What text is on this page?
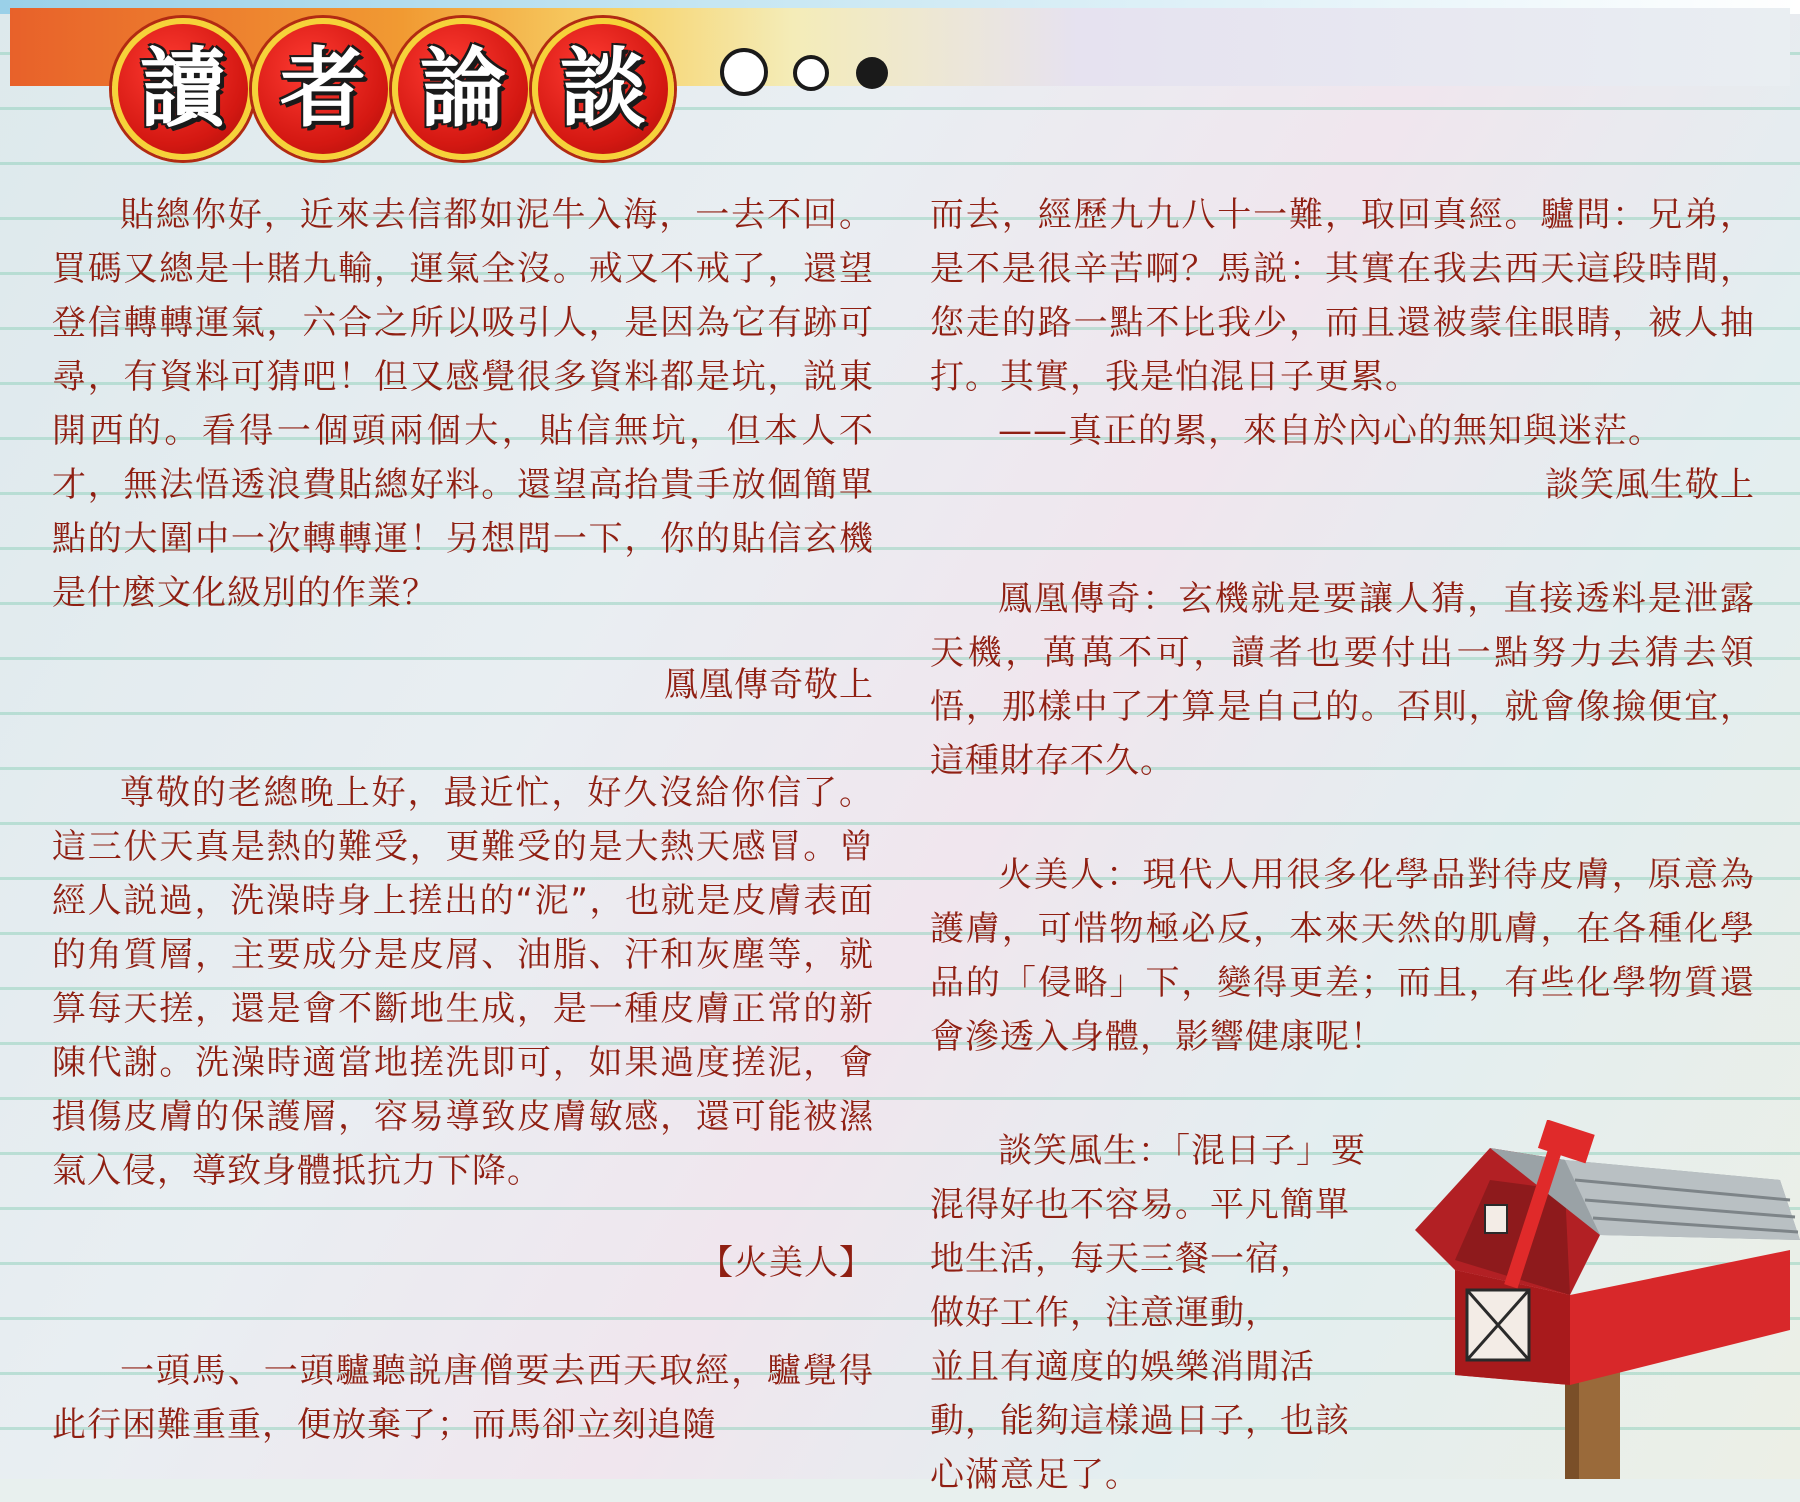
讀 者 論 談

貼總你好，近來去信都如泥牛入海，一去不回。買碼又總是十賭九輸，運氣全沒。戒又不戒了，還望登信轉轉運氣，六合之所以吸引人，是因為它有跡可尋，有資料可猜吧！但又感覺很多資料都是坑，説東開西的。看得一個頭兩個大，貼信無坑，但本人不才，無法悟透浪費貼總好料。還望高抬貴手放個簡單點的大圍中一次轉轉運！另想問一下，你的貼信玄機是什麼文化級別的作業？

鳳凰傳奇敬上

尊敬的老總晚上好，最近忙，好久沒給你信了。這三伏天真是熱的難受，更難受的是大熱天感冒。曾經人説過，洗澡時身上搓出的“泥”，也就是皮膚表面的角質層，主要成分是皮屑、油脂、汗和灰塵等，就算每天搓，還是會不斷地生成，是一種皮膚正常的新陳代謝。洗澡時適當地搓洗即可，如果過度搓泥，會損傷皮膚的保護層，容易導致皮膚敏感，還可能被濕氣入侵，導致身體抵抗力下降。

【火美人】

一頭馬、一頭驢聽説唐僧要去西天取經，驢覺得此行困難重重，便放棄了；而馬卻立刻追隨

而去，經歷九九八十一難，取回真經。驢問：兄弟，是不是很辛苦啊？馬説：其實在我去西天這段時間，您走的路一點不比我少，而且還被蒙住眼睛，被人抽打。其實，我是怕混日子更累。

——真正的累，來自於內心的無知與迷茫。

談笑風生敬上

鳳凰傳奇：玄機就是要讓人猜，直接透料是泄露天機，萬萬不可，讀者也要付出一點努力去猜去領悟，那樣中了才算是自己的。否則，就會像撿便宜，這種財存不久。

火美人：現代人用很多化學品對待皮膚，原意為護膚，可惜物極必反，本來天然的肌膚，在各種化學品的「侵略」下，變得更差；而且，有些化學物質還會滲透入身體，影響健康呢！

談笑風生：「混日子」要

混得好也不容易。平凡簡單

地生活，每天三餐一宿，

做好工作，注意運動，

並且有適度的娛樂消閒活

動，能夠這樣過日子，也該

心滿意足了。
